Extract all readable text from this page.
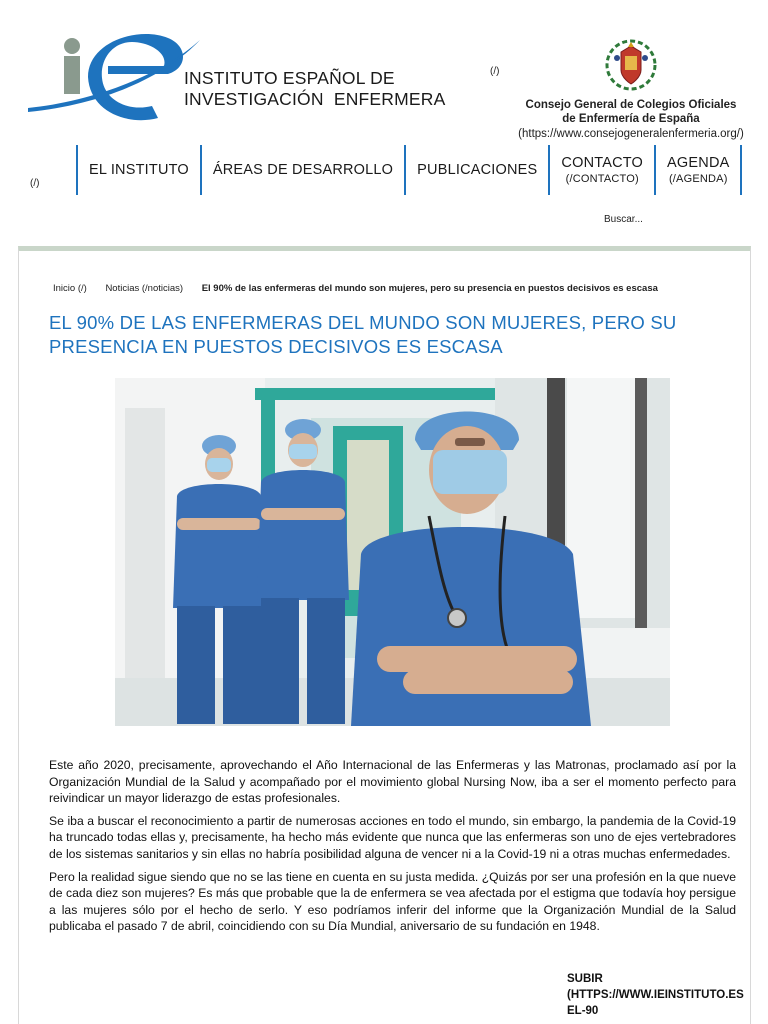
INSTITUTO ESPAÑOL DE
INVESTIGACIÓN  ENFERMERA
(/)
Consejo General de Colegios Oficiales
de Enfermería de España
(https://www.consejogeneralenfermeria.org/)
(/)
EL INSTITUTO ÁREAS DE DESARROLLO PUBLICACIONES CONTACTO
(/CONTACTO)
AGENDA
(/AGENDA)
Buscar...
Inicio (/) Noticias (/noticias) El 90% de las enfermeras del mundo son mujeres, pero su presencia en puestos decisivos es escasa
EL 90% DE LAS ENFERMERAS DEL MUNDO SON MUJERES, PERO SU PRESENCIA EN PUESTOS DECISIVOS ES ESCASA

Este año 2020, precisamente, aprovechando el Año Internacional de las Enfermeras y las Matronas, proclamado así por la Organización Mundial de la Salud y acompañado por el movimiento global Nursing Now, iba a ser el momento perfecto para reivindicar un mayor liderazgo de estas profesionales.

Se iba a buscar el reconocimiento a partir de numerosas acciones en todo el mundo, sin embargo, la pandemia de la Covid-19 ha truncado todas ellas y, precisamente, ha hecho más evidente que nunca que las enfermeras son uno de ejes vertebradores de los sistemas sanitarios y sin ellas no habría posibilidad alguna de vencer ni a la Covid-19 ni a otras muchas enfermedades.

Pero la realidad sigue siendo que no se las tiene en cuenta en su justa medida. ¿Quizás por ser una profesión en la que nueve de cada diez son mujeres? Es más que probable que la de enfermera se vea afectada por el estigma que todavía hoy persigue a las mujeres sólo por el hecho de serlo. Y eso podríamos inferir del informe que la Organización Mundial de la Salud publicaba el pasado 7 de abril, coincidiendo con su Día Mundial, aniversario de su fundación en 1948.

SUBIR
(HTTPS://WWW.IEINSTITUTO.ES
EL-90
